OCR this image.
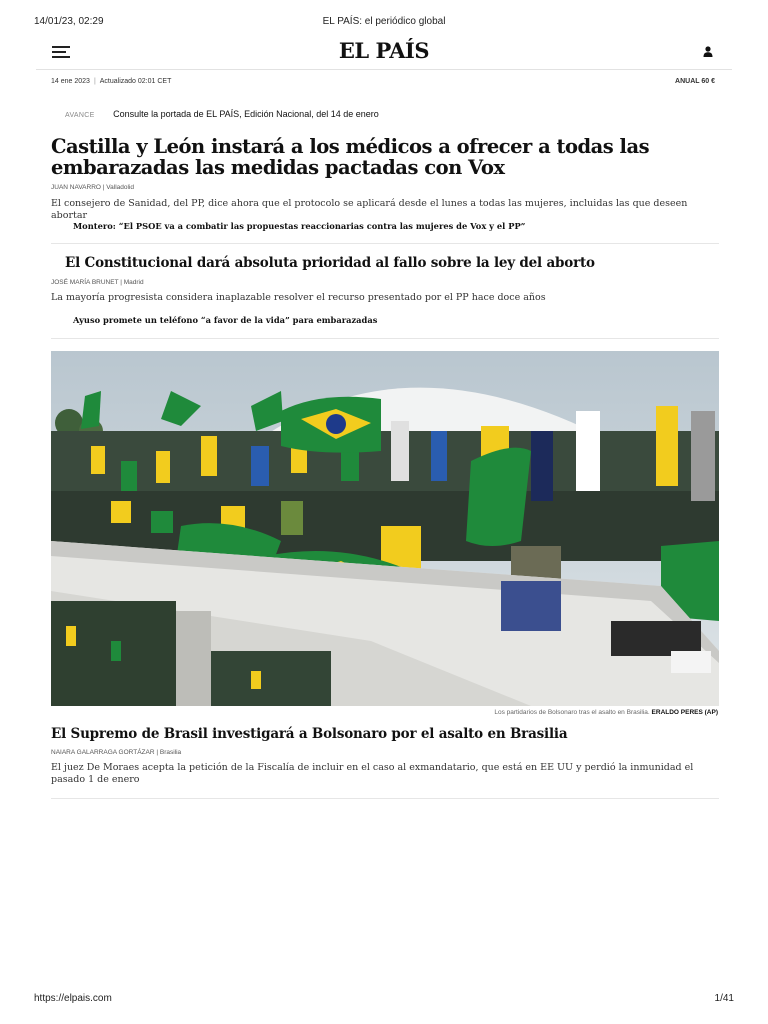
14/01/23, 02:29	EL PAÍS: el periódico global
EL PAÍS
14 ene 2023 | Actualizado 02:01 CET	ANUAL 60 €
AVANCE Consulte la portada de EL PAÍS, Edición Nacional, del 14 de enero
Castilla y León instará a los médicos a ofrecer a todas las embarazadas las medidas pactadas con Vox
JUAN NAVARRO | Valladolid

El consejero de Sanidad, del PP, dice ahora que el protocolo se aplicará desde el lunes a todas las mujeres, incluidas las que deseen abortar

Montero: “El PSOE va a combatir las propuestas reaccionarias contra las mujeres de Vox y el PP”

El Constitucional dará absoluta prioridad al fallo sobre la ley del aborto
JOSÉ MARÍA BRUNET | Madrid

La mayoría progresista considera inaplazable resolver el recurso presentado por el PP hace doce años

Ayuso promete un teléfono “a favor de la vida” para embarazadas

Los partidarios de Bolsonaro tras el asalto en Brasilia. ERALDO PERES (AP)
El Supremo de Brasil investigará a Bolsonaro por el asalto en Brasilia
NAIARA GALARRAGA GORTÁZAR | Brasilia

El juez De Moraes acepta la petición de la Fiscalía de incluir en el caso al exmandatario, que está en EE UU y perdió la inmunidad el pasado 1 de enero

https://elpais.com	1/41
